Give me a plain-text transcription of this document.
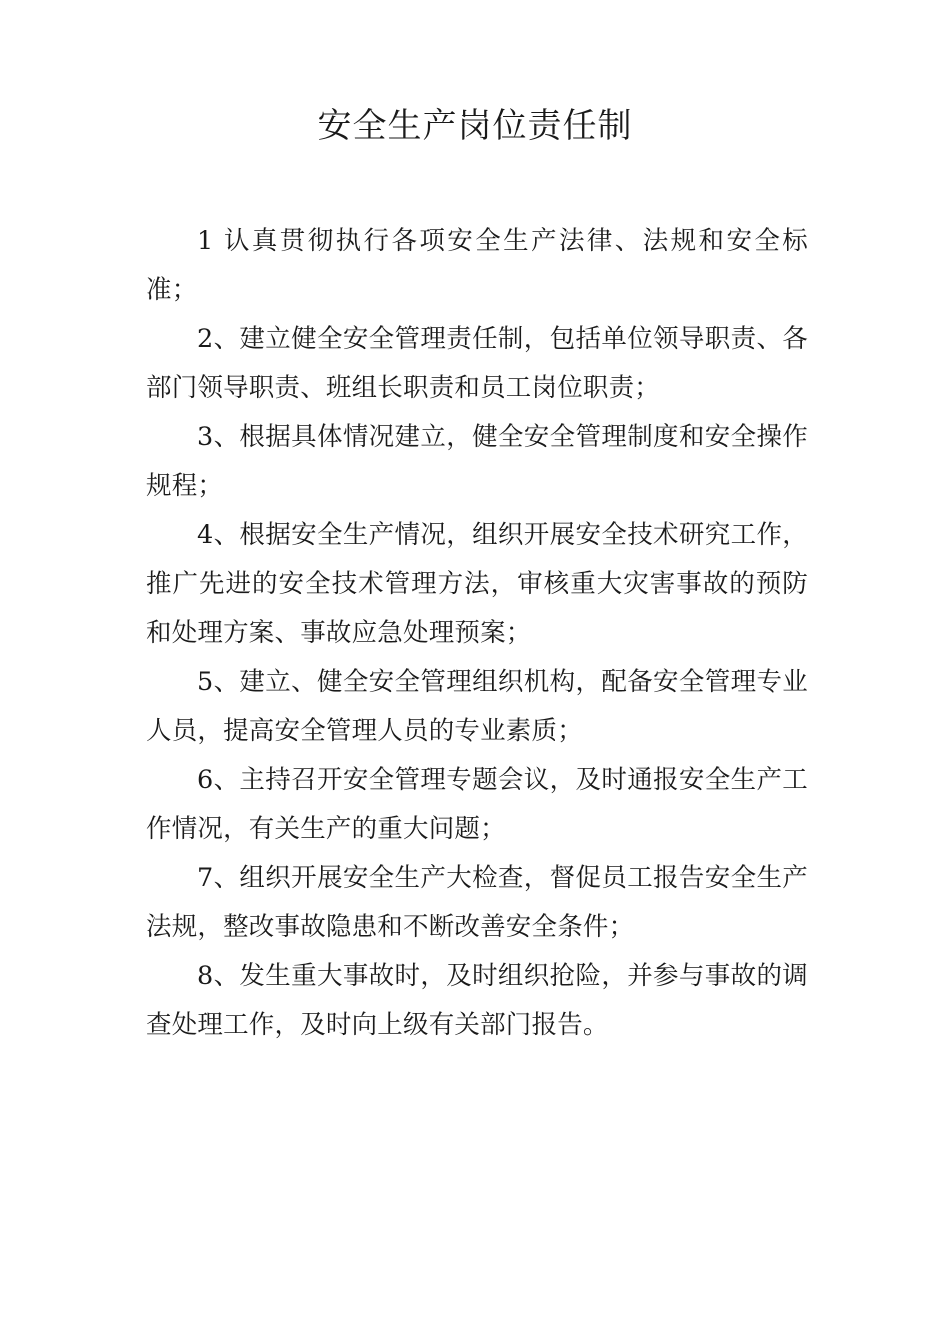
安全生产岗位责任制

1 认真贯彻执行各项安全生产法律、法规和安全标准；

2、建立健全安全管理责任制，包括单位领导职责、各部门领导职责、班组长职责和员工岗位职责；

3、根据具体情况建立，健全安全管理制度和安全操作规程；

4、根据安全生产情况，组织开展安全技术研究工作，推广先进的安全技术管理方法，审核重大灾害事故的预防和处理方案、事故应急处理预案；

5、建立、健全安全管理组织机构，配备安全管理专业人员，提高安全管理人员的专业素质；

6、主持召开安全管理专题会议，及时通报安全生产工作情况，有关生产的重大问题；

7、组织开展安全生产大检查，督促员工报告安全生产法规，整改事故隐患和不断改善安全条件；

8、发生重大事故时，及时组织抢险，并参与事故的调查处理工作，及时向上级有关部门报告。
